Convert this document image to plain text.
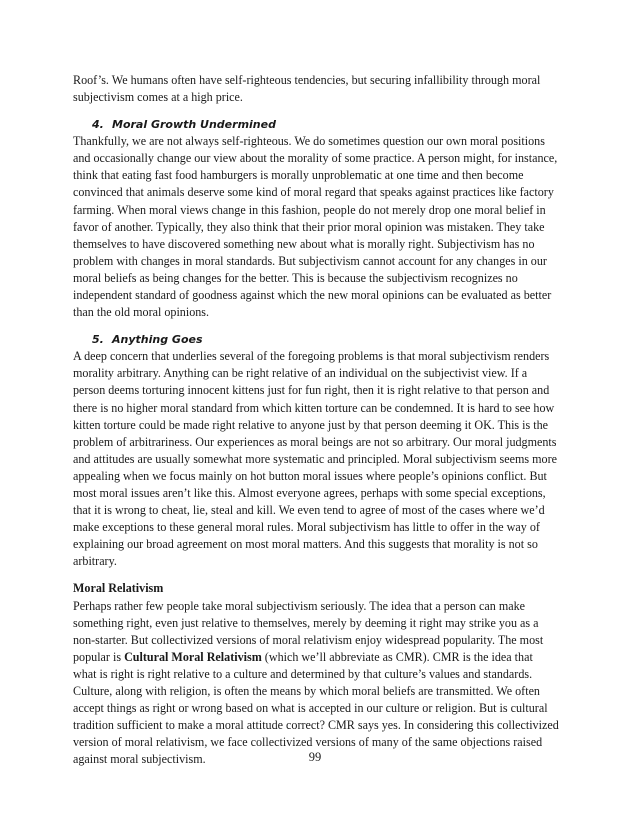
Roof’s. We humans often have self-righteous tendencies, but securing infallibility through moral subjectivism comes at a high price.

4. Moral Growth Undermined

Thankfully, we are not always self-righteous. We do sometimes question our own moral positions and occasionally change our view about the morality of some practice. A person might, for instance, think that eating fast food hamburgers is morally unproblematic at one time and then become convinced that animals deserve some kind of moral regard that speaks against practices like factory farming. When moral views change in this fashion, people do not merely drop one moral belief in favor of another. Typically, they also think that their prior moral opinion was mistaken. They take themselves to have discovered something new about what is morally right. Subjectivism has no problem with changes in moral standards. But subjectivism cannot account for any changes in our moral beliefs as being changes for the better. This is because the subjectivism recognizes no independent standard of goodness against which the new moral opinions can be evaluated as better than the old moral opinions.

5. Anything Goes

A deep concern that underlies several of the foregoing problems is that moral subjectivism renders morality arbitrary. Anything can be right relative of an individual on the subjectivist view. If a person deems torturing innocent kittens just for fun right, then it is right relative to that person and there is no higher moral standard from which kitten torture can be condemned. It is hard to see how kitten torture could be made right relative to anyone just by that person deeming it OK. This is the problem of arbitrariness. Our experiences as moral beings are not so arbitrary. Our moral judgments and attitudes are usually somewhat more systematic and principled. Moral subjectivism seems more appealing when we focus mainly on hot button moral issues where people’s opinions conflict. But most moral issues aren’t like this. Almost everyone agrees, perhaps with some special exceptions, that it is wrong to cheat, lie, steal and kill. We even tend to agree of most of the cases where we’d make exceptions to these general moral rules. Moral subjectivism has little to offer in the way of explaining our broad agreement on most moral matters. And this suggests that morality is not so arbitrary.

Moral Relativism

Perhaps rather few people take moral subjectivism seriously. The idea that a person can make something right, even just relative to themselves, merely by deeming it right may strike you as a non-starter. But collectivized versions of moral relativism enjoy widespread popularity. The most popular is Cultural Moral Relativism (which we’ll abbreviate as CMR). CMR is the idea that what is right is right relative to a culture and determined by that culture’s values and standards. Culture, along with religion, is often the means by which moral beliefs are transmitted. We often accept things as right or wrong based on what is accepted in our culture or religion. But is cultural tradition sufficient to make a moral attitude correct? CMR says yes. In considering this collectivized version of moral relativism, we face collectivized versions of many of the same objections raised against moral subjectivism.	99
